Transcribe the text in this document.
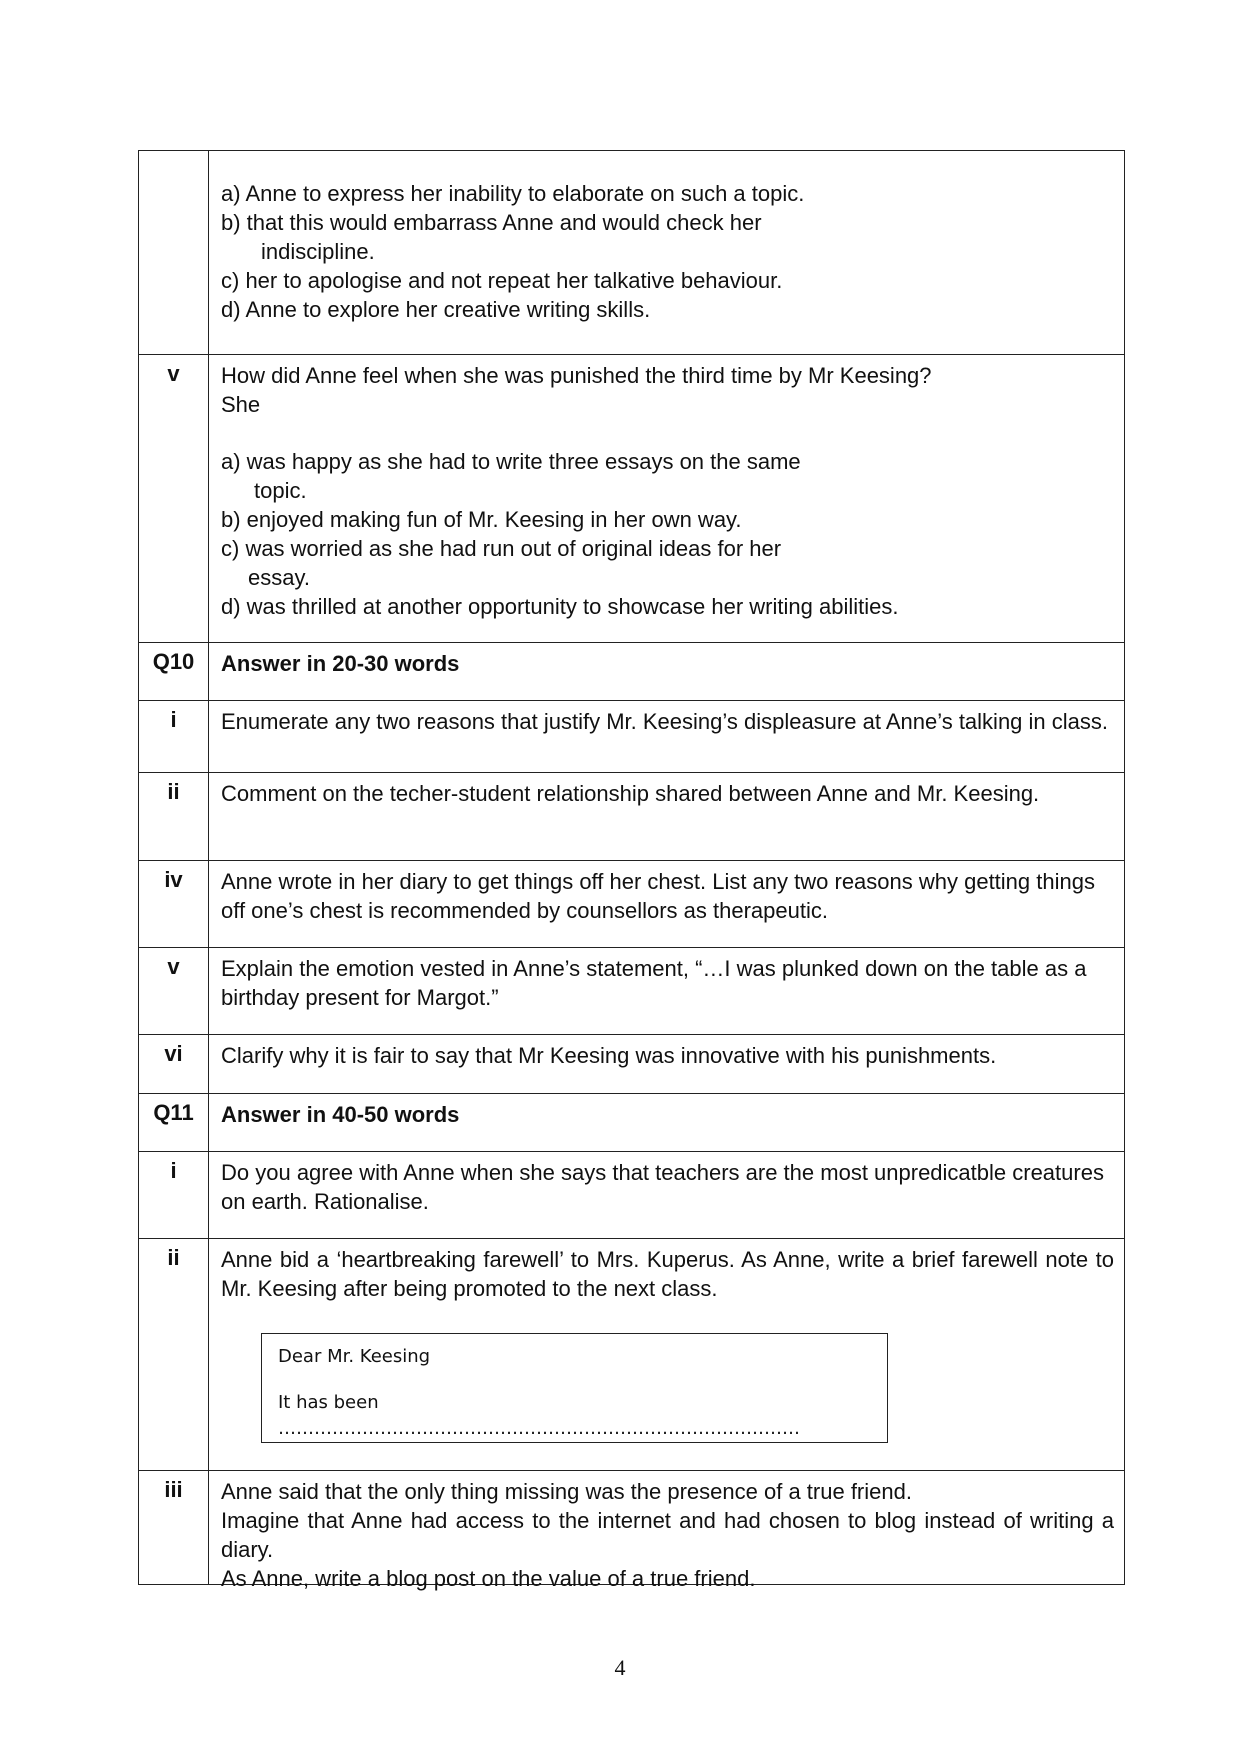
a) Anne to express her inability to elaborate on such a topic.
b) that this would embarrass Anne and would check her
indiscipline.
c) her to apologise and not repeat her talkative behaviour.
d) Anne to explore her creative writing skills.
v	How did Anne feel when she was punished the third time by Mr Keesing?
She
a) was happy as she had to write three essays on the same
topic.
b) enjoyed making fun of Mr. Keesing in her own way.
c) was worried as she had run out of original ideas for her
essay.
d) was thrilled at another opportunity to showcase her writing abilities.
Q10	Answer in 20-30 words
i	Enumerate any two reasons that justify Mr. Keesing’s displeasure at Anne’s talking in class.
ii	Comment on the techer-student relationship shared between Anne and Mr. Keesing.
iv	Anne wrote in her diary to get things off her chest. List any two reasons why getting things off one’s chest is recommended by counsellors as therapeutic.
v	Explain the emotion vested in Anne’s statement, “…I was plunked down on the table as a birthday present for Margot.”
vi	Clarify why it is fair to say that Mr Keesing was innovative with his punishments.
Q11	Answer in 40-50 words
i	Do you agree with Anne when she says that teachers are the most unpredicatble creatures on earth. Rationalise.
ii	Anne bid a ‘heartbreaking farewell’ to Mrs. Kuperus. As Anne, write a brief farewell note to Mr. Keesing after being promoted to the next class.
Dear Mr. Keesing
It has been ……………………………………………………………………………
iii	Anne said that the only thing missing was the presence of a true friend.
Imagine that Anne had access to the internet and had chosen to blog instead of writing a diary.
As Anne, write a blog post on the value of a true friend.
4
